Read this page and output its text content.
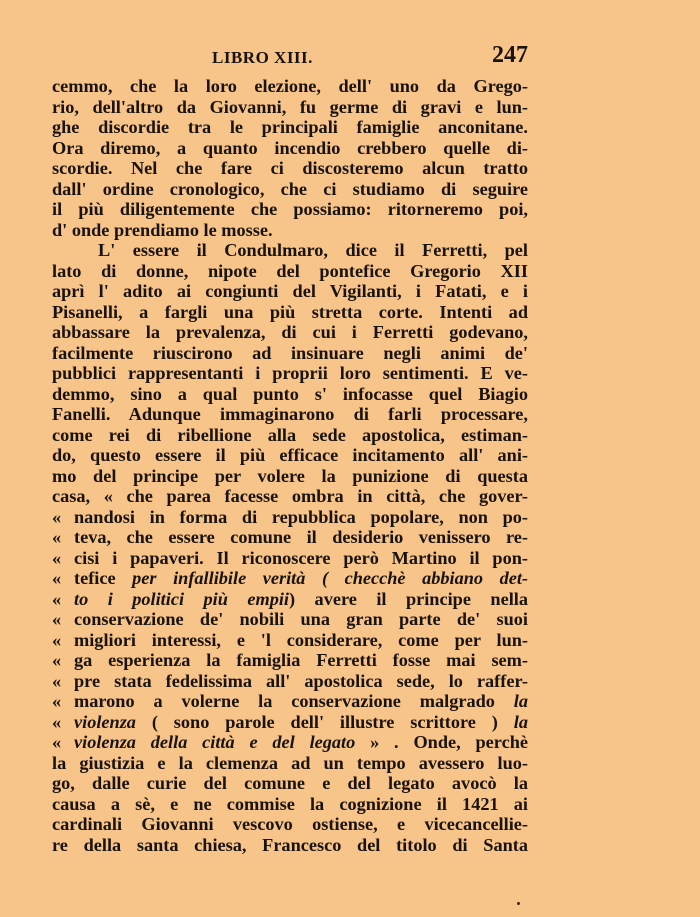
LIBRO XIII.	247
cemmo, che la loro elezione, dell' uno da Grego-
rio, dell'altro da Giovanni, fu germe di gravi e lun-
ghe discordie tra le principali famiglie anconitane.
Ora diremo, a quanto incendio crebbero quelle di-
scordie. Nel che fare ci discosteremo alcun tratto
dall' ordine cronologico, che ci studiamo di seguire
il più diligentemente che possiamo: ritorneremo poi,
d' onde prendiamo le mosse.
L' essere il Condulmaro, dice il Ferretti, pel
lato di donne, nipote del pontefice Gregorio XII
aprì l' adito ai congiunti del Vigilanti, i Fatati, e i
Pisanelli, a fargli una più stretta corte. Intenti ad
abbassare la prevalenza, di cui i Ferretti godevano,
facilmente riuscirono ad insinuare negli animi de'
pubblici rappresentanti i proprii loro sentimenti. E ve-
demmo, sino a qual punto s' infocasse quel Biagio
Fanelli. Adunque immaginarono di farli processare,
come rei di ribellione alla sede apostolica, estiman-
do, questo essere il più efficace incitamento all' ani-
mo del principe per volere la punizione di questa
casa, « che parea facesse ombra in città, che gover-
« nandosi in forma di repubblica popolare, non po-
« teva, che essere comune il desiderio venissero re-
« cisi i papaveri. Il riconoscere però Martino il pon-
« tefice per infallibile verità ( checchè abbiano det-
« to i politici più empii) avere il principe nella
« conservazione de' nobili una gran parte de' suoi
« migliori interessi, e 'l considerare, come per lun-
« ga esperienza la famiglia Ferretti fosse mai sem-
« pre stata fedelissima all' apostolica sede, lo raffer-
« marono a volerne la conservazione malgrado la
« violenza ( sono parole dell' illustre scrittore ) la
« violenza della città e del legato » . Onde, perchè
la giustizia e la clemenza ad un tempo avessero luo-
go, dalle curie del comune e del legato avocò la
causa a sè, e ne commise la cognizione il 1421 ai
cardinali Giovanni vescovo ostiense, e vicecancellie-
re della santa chiesa, Francesco del titolo di Santa
